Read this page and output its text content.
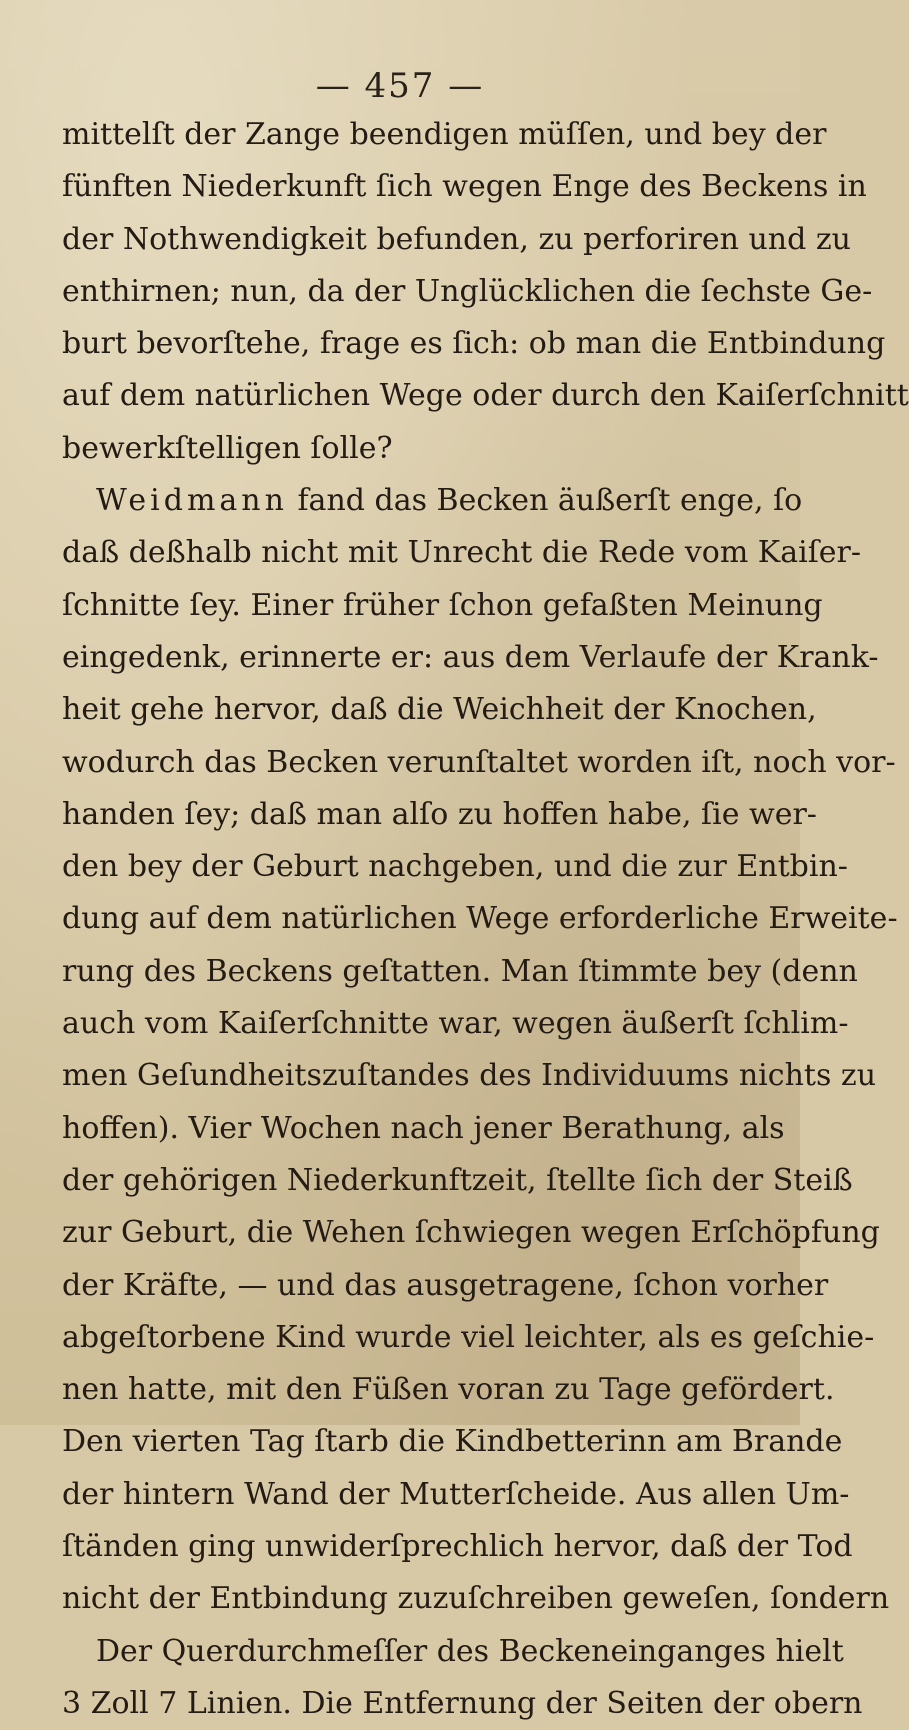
— 457 —
mittelſt der Zange beendigen müſſen, und bey der
fünften Niederkunft ſich wegen Enge des Beckens in
der Nothwendigkeit befunden, zu perforiren und zu
enthirnen; nun, da der Unglücklichen die ſechste Ge-
burt bevorſtehe, frage es ſich: ob man die Entbindung
auf dem natürlichen Wege oder durch den Kaiſerſchnitt
bewerkſtelligen ſolle?
Weidmann fand das Becken äußerſt enge, ſo
daß deßhalb nicht mit Unrecht die Rede vom Kaiſer-
ſchnitte ſey. Einer früher ſchon gefaßten Meinung
eingedenk, erinnerte er: aus dem Verlaufe der Krank-
heit gehe hervor, daß die Weichheit der Knochen,
wodurch das Becken verunſtaltet worden iſt, noch vor-
handen ſey; daß man alſo zu hoffen habe, ſie wer-
den bey der Geburt nachgeben, und die zur Entbin-
dung auf dem natürlichen Wege erforderliche Erweite-
rung des Beckens geſtatten. Man ſtimmte bey (denn
auch vom Kaiſerſchnitte war, wegen äußerſt ſchlim-
men Geſundheitszuſtandes des Individuums nichts zu
hoffen). Vier Wochen nach jener Berathung, als
der gehörigen Niederkunftzeit, ſtellte ſich der Steiß
zur Geburt, die Wehen ſchwiegen wegen Erſchöpfung
der Kräfte, — und das ausgetragene, ſchon vorher
abgeſtorbene Kind wurde viel leichter, als es geſchie-
nen hatte, mit den Füßen voran zu Tage gefördert.
Den vierten Tag ſtarb die Kindbetterinn am Brande
der hintern Wand der Mutterſcheide. Aus allen Um-
ſtänden ging unwiderſprechlich hervor, daß der Tod
nicht der Entbindung zuzuſchreiben geweſen, ſondern
Der Querdurchmeſſer des Beckeneinganges hielt
3 Zoll 7 Linien. Die Entfernung der Seiten der obern
